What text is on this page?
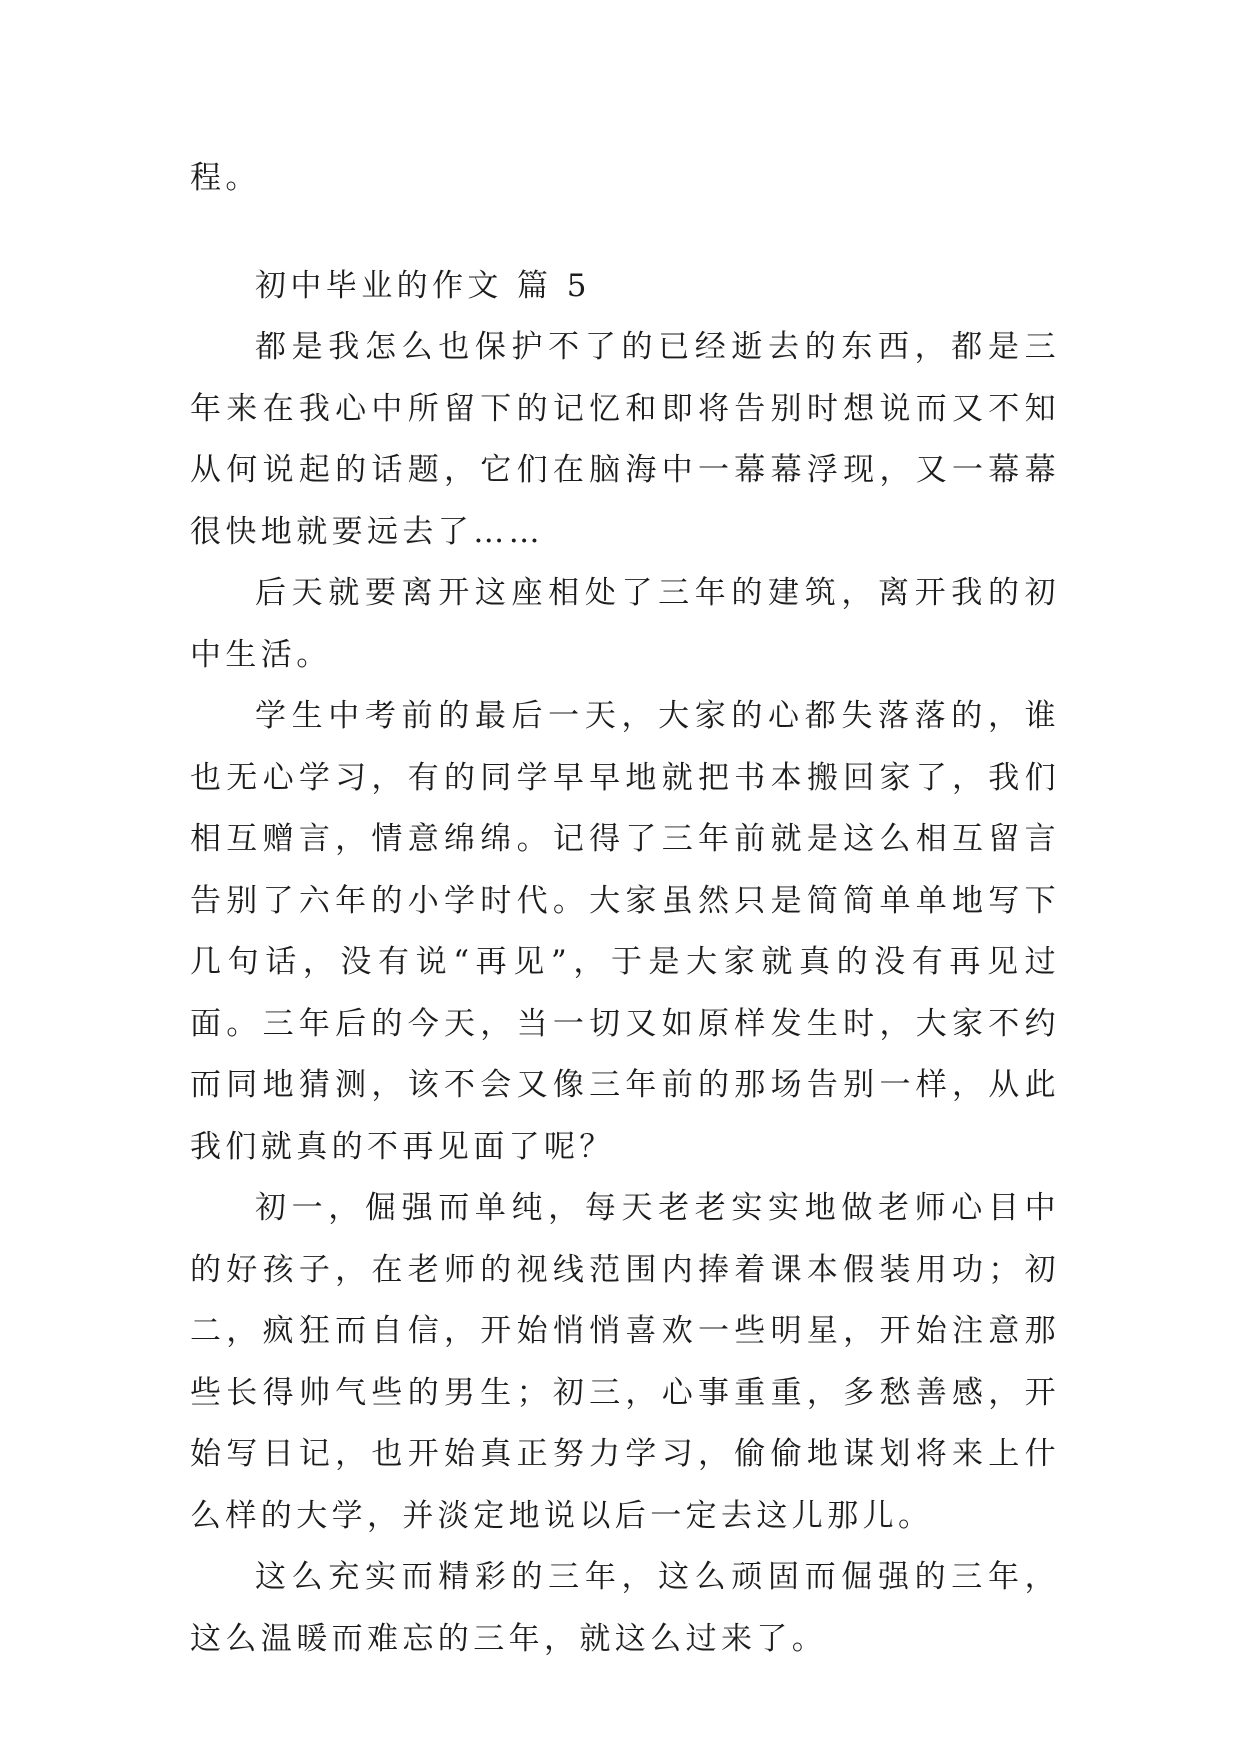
程。

初中毕业的作文 篇 5

都是我怎么也保护不了的已经逝去的东西，都是三年来在我心中所留下的记忆和即将告别时想说而又不知从何说起的话题，它们在脑海中一幕幕浮现，又一幕幕很快地就要远去了……

后天就要离开这座相处了三年的建筑，离开我的初中生活。

学生中考前的最后一天，大家的心都失落落的，谁也无心学习，有的同学早早地就把书本搬回家了，我们相互赠言，情意绵绵。记得了三年前就是这么相互留言告别了六年的小学时代。大家虽然只是简简单单地写下几句话，没有说“再见”，于是大家就真的没有再见过面。三年后的今天，当一切又如原样发生时，大家不约而同地猜测，该不会又像三年前的那场告别一样，从此我们就真的不再见面了呢？

初一，倔强而单纯，每天老老实实地做老师心目中的好孩子，在老师的视线范围内捧着课本假装用功；初二，疯狂而自信，开始悄悄喜欢一些明星，开始注意那些长得帅气些的男生；初三，心事重重，多愁善感，开始写日记，也开始真正努力学习，偷偷地谋划将来上什么样的大学，并淡定地说以后一定去这儿那儿。

这么充实而精彩的三年，这么顽固而倔强的三年，这么温暖而难忘的三年，就这么过来了。
